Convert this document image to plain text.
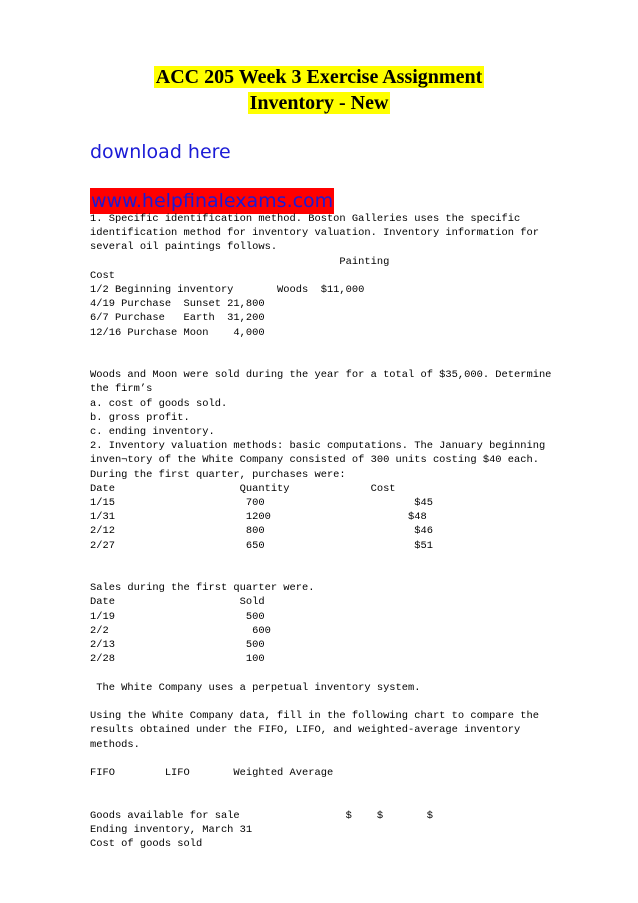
ACC 205 Week 3 Exercise Assignment
Inventory - New
download here
www.helpfinalexams.com
1. Specific identification method. Boston Galleries uses the specific
identification method for inventory valuation. Inventory information for
several oil paintings follows.
Painting
Cost
1/2 Beginning inventory       Woods  $11,000
4/19 Purchase  Sunset 21,800
6/7 Purchase   Earth  31,200
12/16 Purchase Moon    4,000

Woods and Moon were sold during the year for a total of $35,000. Determine
the firm’s
a. cost of goods sold.
b. gross profit.
c. ending inventory.
2. Inventory valuation methods: basic computations. The January beginning
inven¬tory of the White Company consisted of 300 units costing $40 each.
During the first quarter, purchases were:
Date                    Quantity             Cost
1/15                     700                        $45
1/31                     1200                      $48
2/12                     800                        $46
2/27                     650                        $51

Sales during the first quarter were.
Date                    Sold
1/19                     500
2/2                       600
2/13                     500
2/28                     100

The White Company uses a perpetual inventory system.

Using the White Company data, fill in the following chart to compare the
results obtained under the FIFO, LIFO, and weighted-average inventory
methods.

FIFO        LIFO       Weighted Average

Goods available for sale                 $    $       $
Ending inventory, March 31
Cost of goods sold
